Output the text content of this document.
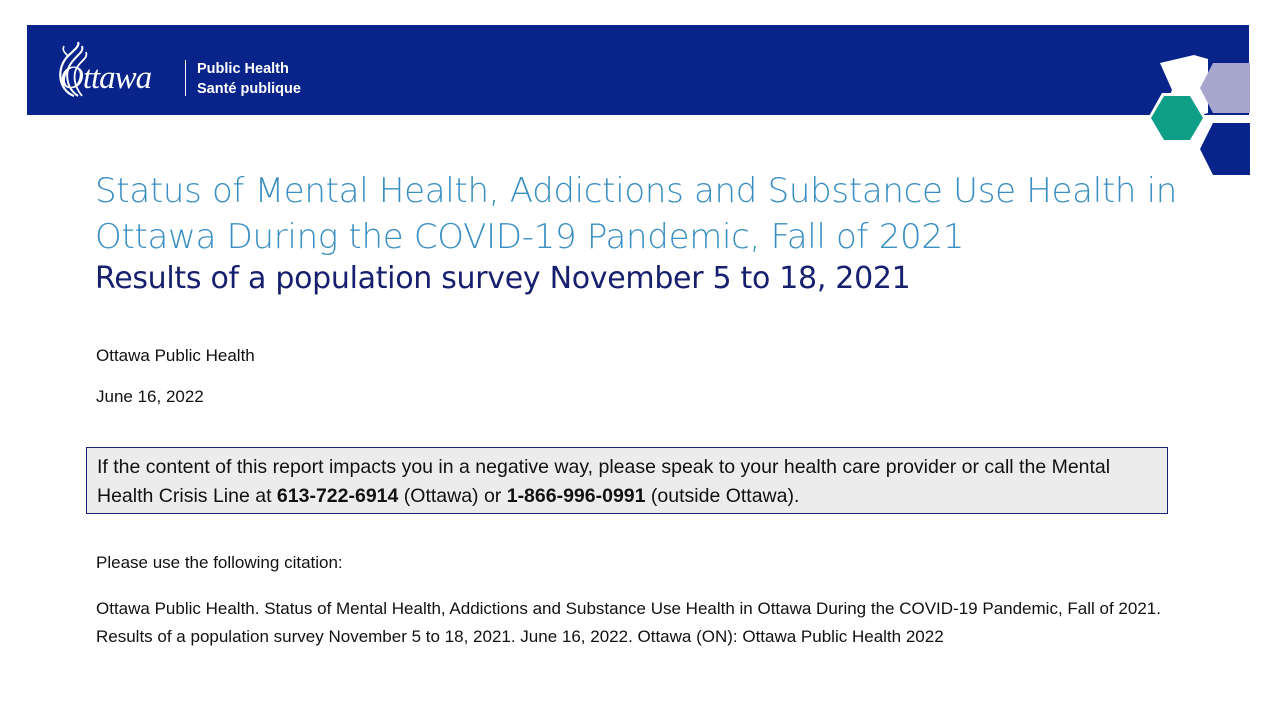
Ottawa	Public Health
Santé publique
Status of Mental Health, Addictions and Substance Use Health in Ottawa During the COVID-19 Pandemic, Fall of 2021
Results of a population survey November 5 to 18, 2021
Ottawa Public Health
June 16, 2022
If the content of this report impacts you in a negative way, please speak to your health care provider or call the Mental Health Crisis Line at 613-722-6914 (Ottawa) or 1-866-996-0991 (outside Ottawa).
Please use the following citation:
Ottawa Public Health. Status of Mental Health, Addictions and Substance Use Health in Ottawa During the COVID-19 Pandemic, Fall of 2021. Results of a population survey November 5 to 18, 2021. June 16, 2022. Ottawa (ON): Ottawa Public Health 2022
